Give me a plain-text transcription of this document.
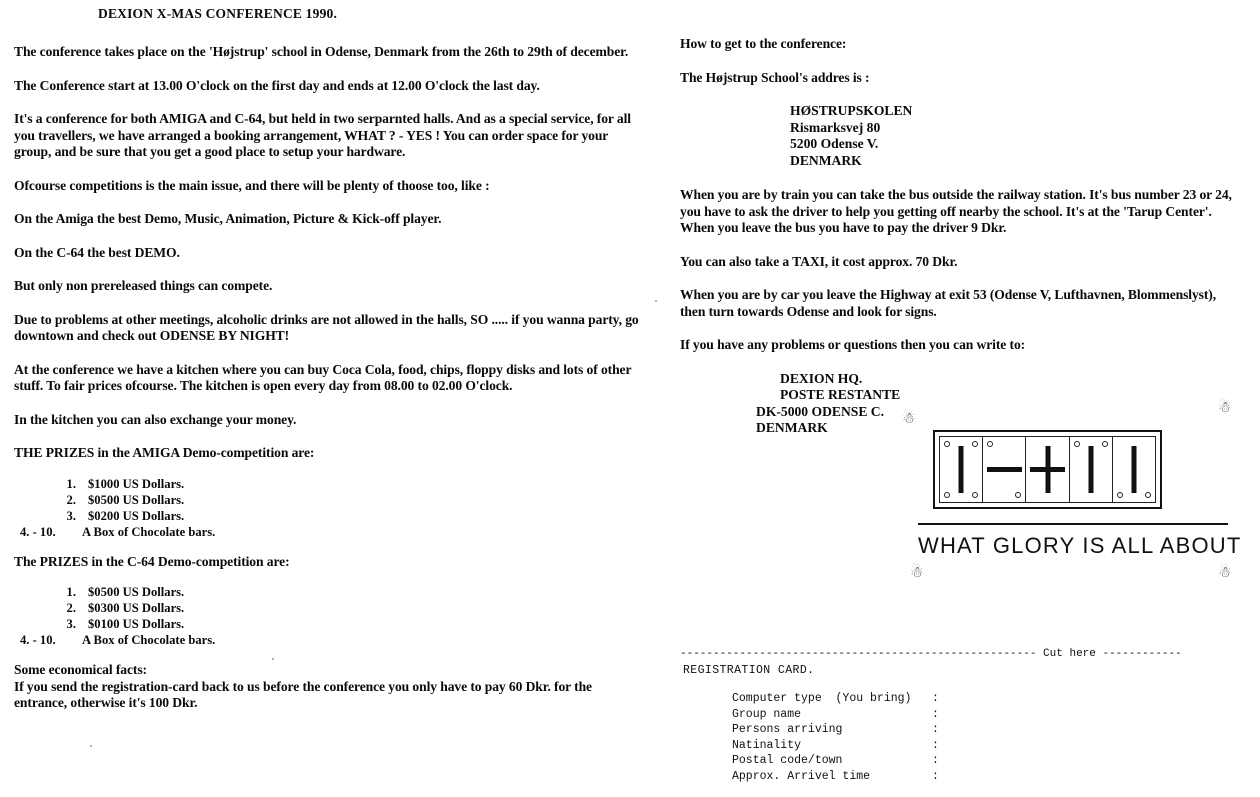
DEXION X-MAS CONFERENCE 1990.

The conference takes place on the 'Højstrup' school in Odense, Denmark from the 26th to 29th of december.

The Conference start at 13.00 O'clock on the first day and ends at 12.00 O'clock the last day.

It's a conference for both AMIGA and C-64, but held in two serparnted halls. And as a special service, for all you travellers, we have arranged a booking arrangement, WHAT ? - YES ! You can order space for your group, and be sure that you get a good place to setup your hardware.

Ofcourse competitions is the main issue, and there will be plenty of thoose too, like :

On the Amiga the best Demo, Music, Animation, Picture & Kick-off player.

On the C-64 the best DEMO.

But only non prereleased things can compete.

Due to problems at other meetings, alcoholic drinks are not allowed in the halls, SO ..... if you wanna party, go downtown and check out ODENSE BY NIGHT!

At the conference we have a kitchen where you can buy Coca Cola, food, chips, floppy disks and lots of other stuff. To fair prices ofcourse. The kitchen is open every day from 08.00 to 02.00 O'clock.

In the kitchen you can also exchange your money.

THE PRIZES in the AMIGA Demo-competition are:

1. $1000 US Dollars.
2. $0500 US Dollars.
3. $0200 US Dollars.
4. - 10. A Box of Chocolate bars.

The PRIZES in the C-64 Demo-competition are:

1. $0500 US Dollars.
2. $0300 US Dollars.
3. $0100 US Dollars.
4. - 10. A Box of Chocolate bars.

Some economical facts:

If you send the registration-card back to us before the conference you only have to pay 60 Dkr. for the entrance, otherwise it's 100 Dkr.

How to get to the conference:

The Højstrup School's addres is :

HØSTRUPSKOLEN
Rismarksvej 80
5200 Odense V.
DENMARK

When you are by train you can take the bus outside the railway station. It's bus number 23 or 24, you have to ask the driver to help you getting off nearby the school. It's at the 'Tarup Center'. When you leave the bus you have to pay the driver 9 Dkr.

You can also take a TAXI, it cost approx. 70 Dkr.

When you are by car you leave the Highway at exit 53 (Odense V, Lufthavnen, Blommenslyst), then turn towards Odense and look for signs.

If you have any problems or questions then you can write to:

DEXION HQ.
POSTE RESTANTE
DK-5000 ODENSE C.
DENMARK
☃
☃
☃	☃
WHAT GLORY IS ALL ABOUT
------------------------------------------------------ Cut here ------------
REGISTRATION CARD.
Computer type  (You bring) :
Group name	:
Persons arriving	:
Natinality	:
Postal code/town	:
Approx. Arrivel time	:
